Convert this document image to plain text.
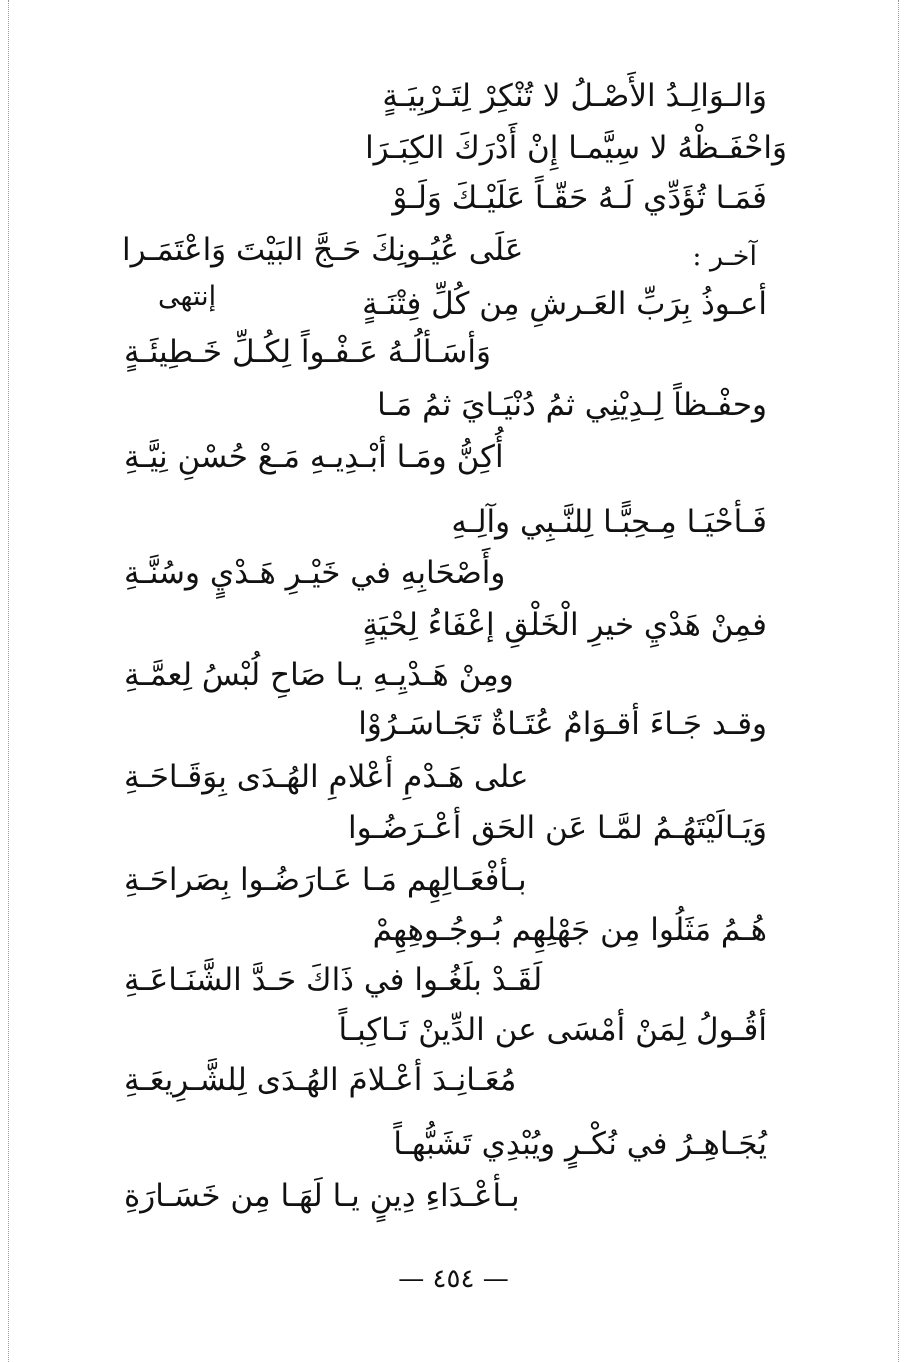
وَالـوَالِـدُ الأَصْـلُ لا تُنْكِرْ لِتَـرْبِيَـةٍ
وَاحْفَـظْهُ لا سِيَّمـا إِنْ أَدْرَكَ الكِبَـرَا
فَمَـا تُؤَدِّي لَـهُ حَقّـاً عَلَيْـكَ وَلَـوْ
عَلَى عُيُـونِكَ حَـجَّ البَيْتَ وَاعْتَمَـرا	آخـر :
إنتهى	أعـوذُ بِرَبِّ العَـرشِ مِن كُلِّ فِتْنَـةٍ
وَأسَـألُـهُ عَـفْـواً لِكُـلِّ خَـطِيئَـةٍ
وحفْـظاً لِـدِيْنِي ثمُ دُنْيَـايَ ثمُ مَـا
أُكِنُّ ومَـا أبْـدِيـهِ مَـعْ حُسْنِ نِيَّـةِ
فَـأحْيَـا مِـحِبًّـا لِلنَّـبِي وآلِـهِ
وأَصْحَابِهِ في خَيْـرِ هَـدْيٍ وسُنَّـةِ
فمِنْ هَدْيِ خيرِ الْخَلْقِ إعْفَاءُ لِحْيَةٍ
ومِنْ هَـدْيِـهِ يـا صَاحِ لُبْسُ لِعمَّـةِ
وقـد جَـاءَ أقـوَامٌ عُتَـاةٌ تَجَـاسَـرُوْا
على هَـدْمِ أعْلامِ الهُـدَى بِوَقَـاحَـةِ
وَيَـالَيْتَهُـمُ لمَّـا عَن الحَق أعْـرَضُـوا
بـأفْعَـالِهِم مَـا عَـارَضُـوا بِصَراحَـةِ
هُـمُ مَثَلُوا مِن جَهْلِهِم بُـوجُـوهِهِمْ
لَقَـدْ بلَغُـوا في ذَاكَ حَـدَّ الشَّنَـاعَـةِ
أقُـولُ لِمَنْ أمْسَى عن الدِّينْ نَـاكِبـاً
مُعَـانِـدَ أعْـلامَ الهُـدَى لِلشَّـرِيعَـةِ
يُجَـاهِـرُ في نُكْـرٍ ويُبْدِي تَشَبُّهـاً
بـأعْـدَاءِ دِينٍ يـا لَهَـا مِن خَسَـارَةِ
— ٤٥٤ —
